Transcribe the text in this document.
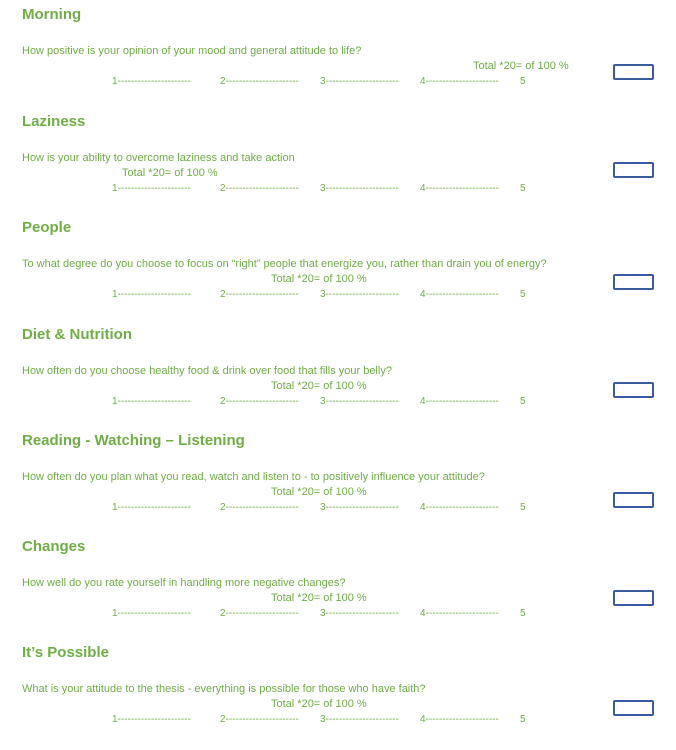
Morning
How positive is your opinion of your mood and general attitude to life?
Total *20= of 100 %
1----------------------	2---------------------- 3---------------------- 4---------------------- 5
Laziness
How is your ability to overcome laziness and take action
Total *20= of 100 %
1----------------------	2---------------------- 3---------------------- 4---------------------- 5
People
To what degree do you choose to focus on “right” people that energize you, rather than drain you of energy?
Total *20= of 100 %
1----------------------	2---------------------- 3---------------------- 4---------------------- 5
Diet & Nutrition
How often do you choose healthy food & drink over food that fills your belly?
Total *20= of 100 %
1----------------------	2---------------------- 3---------------------- 4---------------------- 5
Reading - Watching – Listening
How often do you plan what you read, watch and listen to - to positively influence your attitude?
Total *20= of 100 %
1----------------------	2---------------------- 3---------------------- 4---------------------- 5
Changes
How well do you rate yourself in handling more negative changes?
Total *20= of 100 %
1----------------------	2---------------------- 3---------------------- 4---------------------- 5
It’s Possible
What is your attitude to the thesis - everything is possible for those who have faith?
Total *20= of 100 %
1----------------------	2---------------------- 3---------------------- 4---------------------- 5
